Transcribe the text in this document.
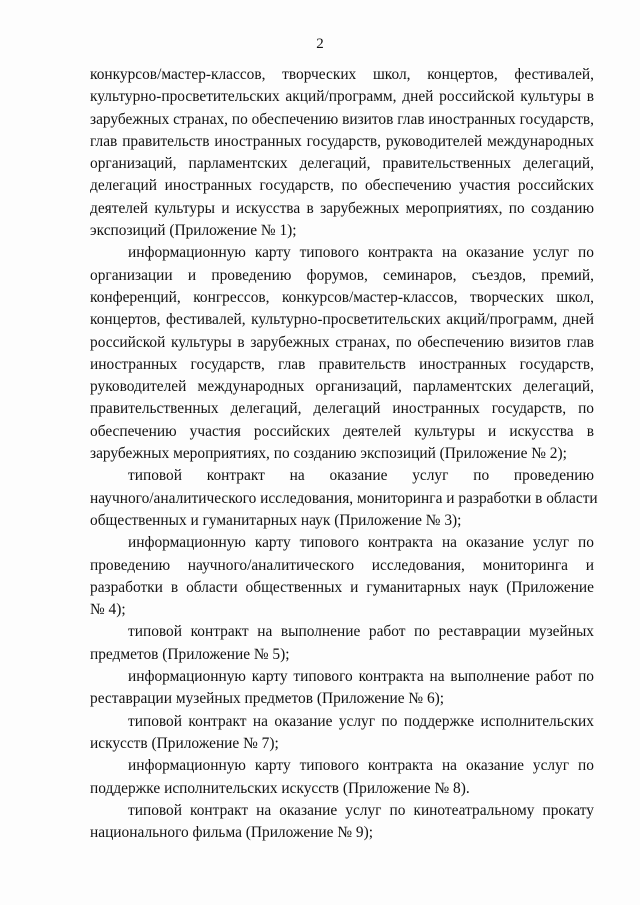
2
конкурсов/мастер-классов, творческих школ, концертов, фестивалей,
культурно-просветительских акций/программ, дней российской культуры в
зарубежных странах, по обеспечению визитов глав иностранных государств,
глав правительств иностранных государств, руководителей международных
организаций, парламентских делегаций, правительственных делегаций,
делегаций иностранных государств, по обеспечению участия российских
деятелей культуры и искусства в зарубежных мероприятиях, по созданию
экспозиций (Приложение № 1);
информационную карту типового контракта на оказание услуг по
организации и проведению форумов, семинаров, съездов, премий,
конференций, конгрессов, конкурсов/мастер-классов, творческих школ,
концертов, фестивалей, культурно-просветительских акций/программ, дней
российской культуры в зарубежных странах, по обеспечению визитов глав
иностранных государств, глав правительств иностранных государств,
руководителей международных организаций, парламентских делегаций,
правительственных делегаций, делегаций иностранных государств, по
обеспечению участия российских деятелей культуры и искусства в
зарубежных мероприятиях, по созданию экспозиций (Приложение № 2);
типовой контракт на оказание услуг по проведению
научного/аналитического исследования, мониторинга и разработки в области
общественных и гуманитарных наук (Приложение № 3);
информационную карту типового контракта на оказание услуг по
проведению научного/аналитического исследования, мониторинга и
разработки в области общественных и гуманитарных наук (Приложение
№ 4);
типовой контракт на выполнение работ по реставрации музейных
предметов (Приложение № 5);
информационную карту типового контракта на выполнение работ по
реставрации музейных предметов (Приложение № 6);
типовой контракт на оказание услуг по поддержке исполнительских
искусств (Приложение № 7);
информационную карту типового контракта на оказание услуг по
поддержке исполнительских искусств (Приложение № 8).
типовой контракт на оказание услуг по кинотеатральному прокату
национального фильма (Приложение № 9);
